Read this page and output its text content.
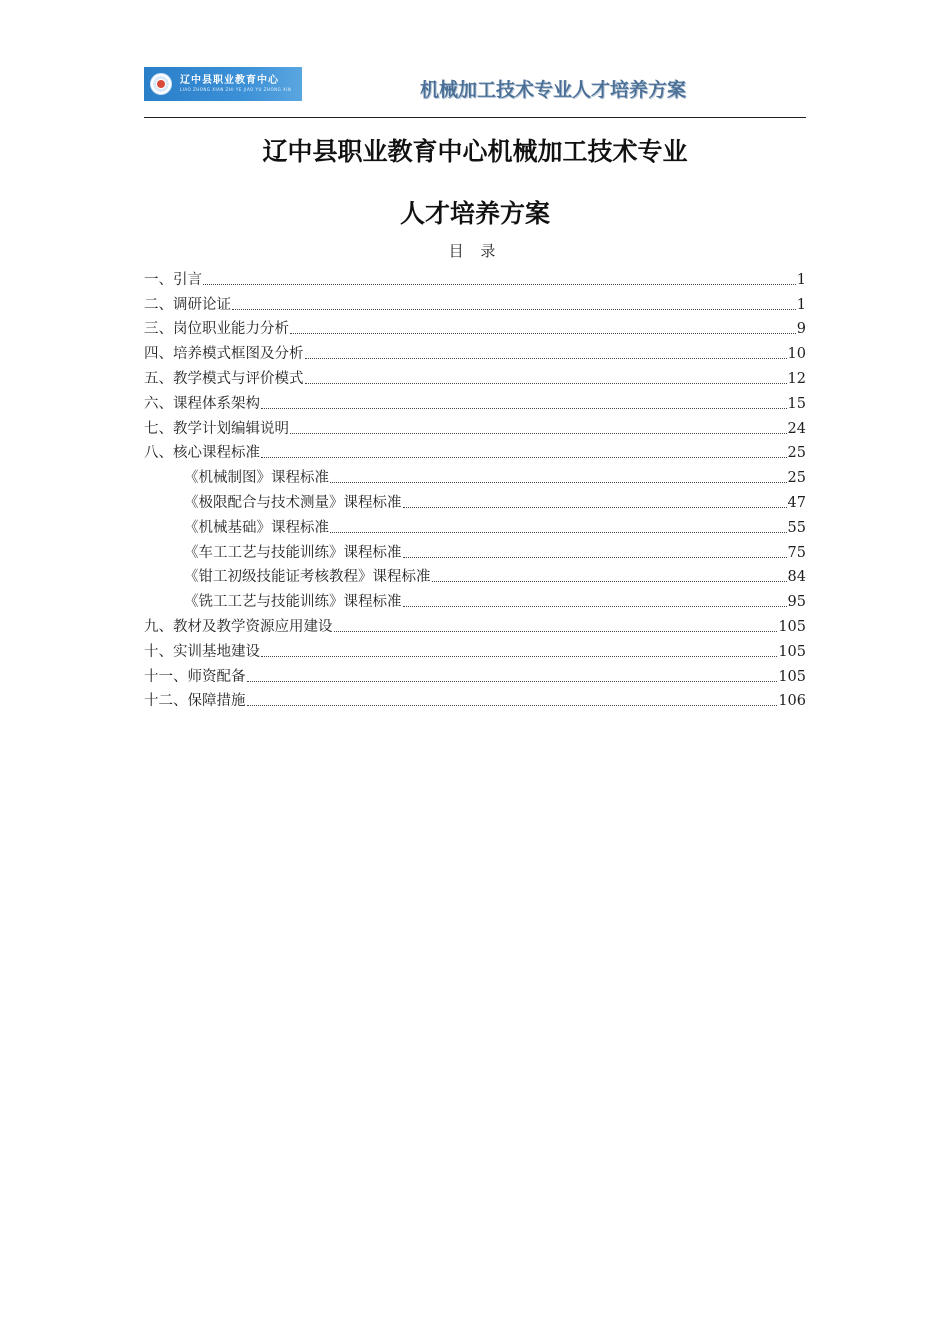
辽中县职业教育中心
LIAO ZHONG XIAN ZHI YE JIAO YU ZHONG XIN	机械加工技术专业人才培养方案
辽中县职业教育中心机械加工技术专业
人才培养方案
目 录
一、引言	1
二、调研论证	1
三、岗位职业能力分析	9
四、培养模式框图及分析	10
五、教学模式与评价模式	12
六、课程体系架构	15
七、教学计划编辑说明	24
八、核心课程标准	25
《机械制图》课程标准	25
《极限配合与技术测量》课程标准	47
《机械基础》课程标准	55
《车工工艺与技能训练》课程标准	75
《钳工初级技能证考核教程》课程标准	84
《铣工工艺与技能训练》课程标准	95
九、教材及教学资源应用建设	105
十、实训基地建设	105
十一、师资配备	105
十二、保障措施	106
